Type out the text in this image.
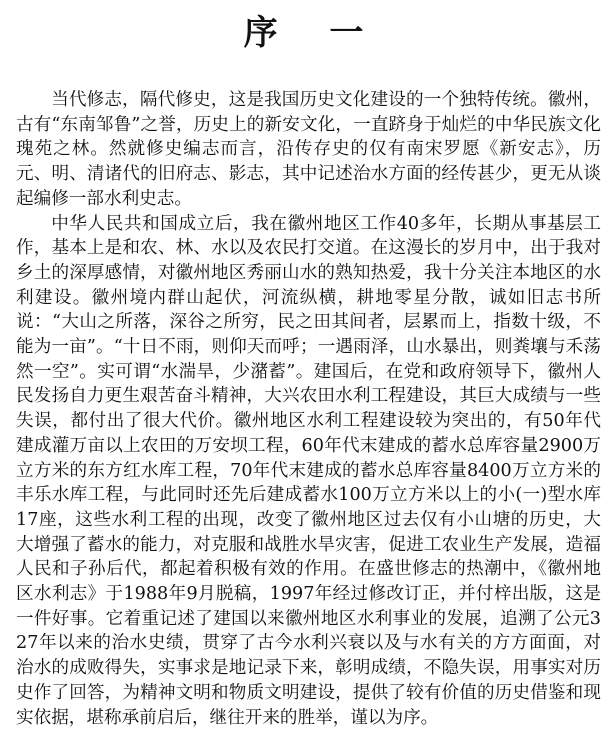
序 一

当代修志，隔代修史，这是我国历史文化建设的一个独特传统。徽州，古有“东南邹鲁”之誉，历史上的新安文化，一直跻身于灿烂的中华民族文化瑰苑之林。然就修史编志而言，沿传存史的仅有南宋罗愿《新安志》，历元、明、清诸代的旧府志、影志，其中记述治水方面的经传甚少，更无从谈起编修一部水利史志。

中华人民共和国成立后，我在徽州地区工作40多年，长期从事基层工作，基本上是和农、林、水以及农民打交道。在这漫长的岁月中，出于我对乡土的深厚感情，对徽州地区秀丽山水的熟知热爱，我十分关注本地区的水利建设。徽州境内群山起伏，河流纵横，耕地零星分散，诚如旧志书所说：“大山之所落，深谷之所穷，民之田其间者，层累而上，指数十级，不能为一亩”。“十日不雨，则仰天而呼；一遇雨泽，山水暴出，则粪壤与禾荡然一空”。实可谓“水湍旱，少潴蓄”。建国后，在党和政府领导下，徽州人民发扬自力更生艰苦奋斗精神，大兴农田水利工程建设，其巨大成绩与一些失误，都付出了很大代价。徽州地区水利工程建设较为突出的，有50年代建成灌万亩以上农田的万安坝工程，60年代末建成的蓄水总库容量2900万立方米的东方红水库工程，70年代末建成的蓄水总库容量8400万立方米的丰乐水库工程，与此同时还先后建成蓄水100万立方米以上的小(一)型水库17座，这些水利工程的出现，改变了徽州地区过去仅有小山塘的历史，大大增强了蓄水的能力，对克服和战胜水旱灾害，促进工农业生产发展，造福人民和子孙后代，都起着积极有效的作用。在盛世修志的热潮中，《徽州地区水利志》于1988年9月脱稿，1997年经过修改订正，并付梓出版，这是一件好事。它着重记述了建国以来徽州地区水利事业的发展，追溯了公元327年以来的治水史绩，贯穿了古今水利兴衰以及与水有关的方方面面，对治水的成败得失，实事求是地记录下来，彰明成绩，不隐失误，用事实对历史作了回答，为精神文明和物质文明建设，提供了较有价值的历史借鉴和现实依据，堪称承前启后，继往开来的胜举，谨以为序。
